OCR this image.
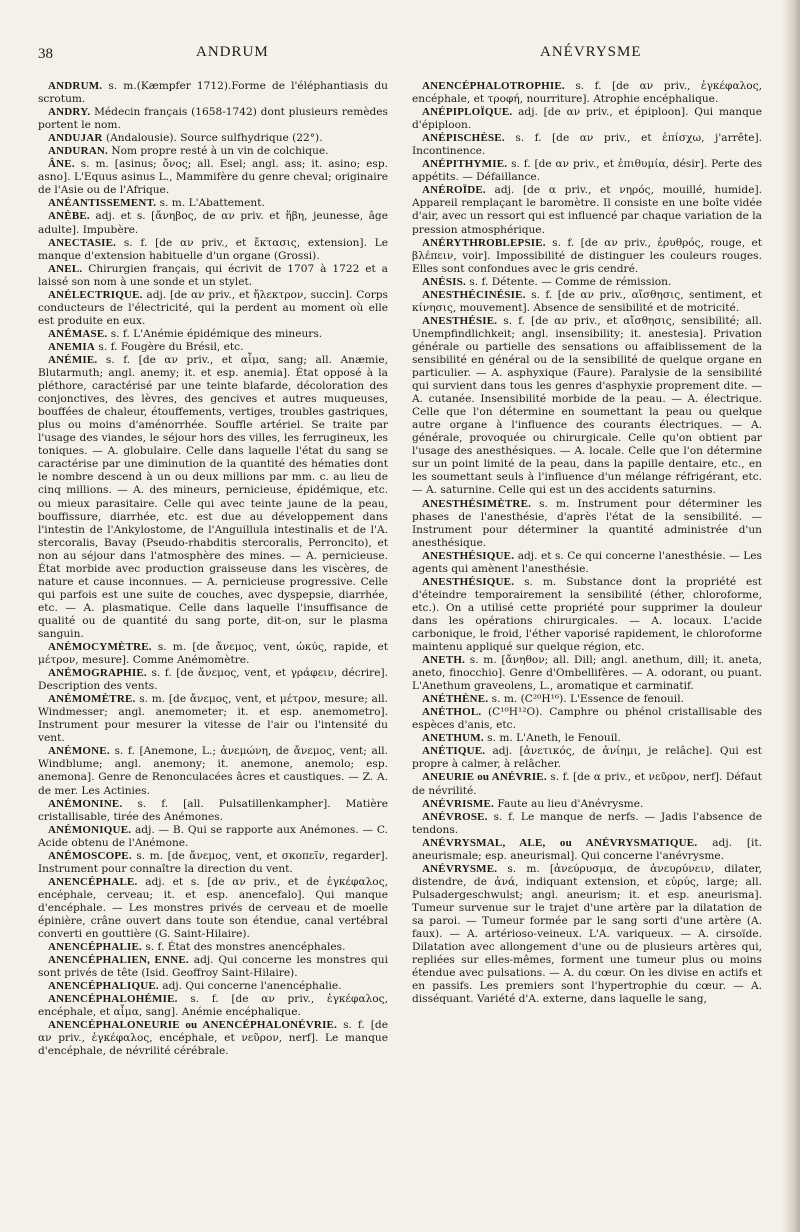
38	ANDRUM	ANÉVRYSME

ANDRUM. s. m.(Kæmpfer 1712).Forme de l'éléphantiasis du scrotum.

ANDRY. Médecin français (1658-1742) dont plusieurs remèdes portent le nom.

ANDUJAR (Andalousie). Source sulfhydrique (22°).

ANDURAN. Nom propre resté à un vin de colchique.

ÂNE. s. m. [asinus; ὄνος; all. Esel; angl. ass; it. asino; esp. asno]. L'Equus asinus L., Mammifère du genre cheval; originaire de l'Asie ou de l'Afrique.

ANÉANTISSEMENT. s. m. L'Abattement.

ANÈBE. adj. et s. [ἄνηβος, de αν priv. et ἥβη, jeunesse, âge adulte]. Impubère.

ANECTASIE. s. f. [de αν priv., et ἔκτασις, extension]. Le manque d'extension habituelle d'un organe (Grossi).

ANEL. Chirurgien français, qui écrivit de 1707 à 1722 et a laissé son nom à une sonde et un stylet.

ANÉLECTRIQUE. adj. [de αν priv., et ἤλεκτρον, succin]. Corps conducteurs de l'électricité, qui la perdent au moment où elle est produite en eux.

ANÉMASE. s. f. L'Anémie épidémique des mineurs.

ANEMIA s. f. Fougère du Brésil, etc.

ANÉMIE. s. f. [de αν priv., et αἷμα, sang; all. Anæmie, Blutarmuth; angl. anemy; it. et esp. anemia]. État opposé à la pléthore, caractérisé par une teinte blafarde, décoloration des conjonctives, des lèvres, des gencives et autres muqueuses, bouffées de chaleur, étouffements, vertiges, troubles gastriques, plus ou moins d'aménorrhée. Souffle artériel. Se traite par l'usage des viandes, le séjour hors des villes, les ferrugineux, les toniques. — A. globulaire. Celle dans laquelle l'état du sang se caractérise par une diminution de la quantité des hématies dont le nombre descend à un ou deux millions par mm. c. au lieu de cinq millions. — A. des mineurs, pernicieuse, épidémique, etc. ou mieux parasitaire. Celle qui avec teinte jaune de la peau, bouffissure, diarrhée, etc. est due au développement dans l'intestin de l'Ankylostome, de l'Anguillula intestinalis et de l'A. stercoralis, Bavay (Pseudo-rhabditis stercoralis, Perroncito), et non au séjour dans l'atmosphère des mines. — A. pernicieuse. État morbide avec production graisseuse dans les viscères, de nature et cause inconnues. — A. pernicieuse progressive. Celle qui parfois est une suite de couches, avec dyspepsie, diarrhée, etc. — A. plasmatique. Celle dans laquelle l'insuffisance de qualité ou de quantité du sang porte, dit-on, sur le plasma sanguin.

ANÉMOCYMÈTRE. s. m. [de ἄνεμος, vent, ὠκύς, rapide, et μέτρον, mesure]. Comme Anémomètre.

ANÉMOGRAPHIE. s. f. [de ἄνεμος, vent, et γράφειν, décrire]. Description des vents.

ANÉMOMÈTRE. s. m. [de ἄνεμος, vent, et μέτρον, mesure; all. Windmesser; angl. anemometer; it. et esp. anemometro]. Instrument pour mesurer la vitesse de l'air ou l'intensité du vent.

ANÉMONE. s. f. [Anemone, L.; ἀνεμώνη, de ἄνεμος, vent; all. Windblume; angl. anemony; it. anemone, anemolo; esp. anemona]. Genre de Renonculacées âcres et caustiques. — Z. A. de mer. Les Actinies.

ANÉMONINE. s. f. [all. Pulsatillenkampher]. Matière cristallisable, tirée des Anémones.

ANÉMONIQUE. adj. — B. Qui se rapporte aux Anémones. — C. Acide obtenu de l'Anémone.

ANÉMOSCOPE. s. m. [de ἄνεμος, vent, et σκοπεῖν, regarder]. Instrument pour connaître la direction du vent.

ANENCÉPHALE. adj. et s. [de αν priv., et de ἐγκέφαλος, encéphale, cerveau; it. et esp. anencefalo]. Qui manque d'encéphale. — Les monstres privés de cerveau et de moelle épinière, crâne ouvert dans toute son étendue, canal vertébral converti en gouttière (G. Saint-Hilaire).

ANENCÉPHALIE. s. f. État des monstres anencéphales.

ANENCÉPHALIEN, ENNE. adj. Qui concerne les monstres qui sont privés de tête (Isid. Geoffroy Saint-Hilaire).

ANENCÉPHALIQUE. adj. Qui concerne l'anencéphalie.

ANENCÉPHALOHÉMIE. s. f. [de αν priv., ἐγκέφαλος, encéphale, et αἷμα, sang]. Anémie encéphalique.

ANENCÉPHALONEURIE ou ANENCÉPHALONÉVRIE. s. f. [de αν priv., ἐγκέφαλος, encéphale, et νεῦρον, nerf]. Le manque d'encéphale, de névrilité cérébrale.

ANENCÉPHALOTROPHIE. s. f. [de αν priv., ἐγκέφαλος, encéphale, et τροφή, nourriture]. Atrophie encéphalique.

ANÉPIPLOÏQUE. adj. [de αν priv., et épiploon]. Qui manque d'épiploon.

ANÉPISCHÈSE. s. f. [de αν priv., et ἐπίσχω, j'arrête]. Incontinence.

ANÉPITHYMIE. s. f. [de αν priv., et ἐπιθυμία, désir]. Perte des appétits. — Défaillance.

ANÉROÏDE. adj. [de α priv., et νηρός, mouillé, humide]. Appareil remplaçant le baromètre. Il consiste en une boîte vidée d'air, avec un ressort qui est influencé par chaque variation de la pression atmosphérique.

ANÉRYTHROBLEPSIE. s. f. [de αν priv., ἐρυθρός, rouge, et βλέπειν, voir]. Impossibilité de distinguer les couleurs rouges. Elles sont confondues avec le gris cendré.

ANÉSIS. s. f. Détente. — Comme de rémission.

ANESTHÉCINÉSIE. s. f. [de αν priv., αἴσθησις, sentiment, et κίνησις, mouvement]. Absence de sensibilité et de motricité.

ANESTHÉSIE. s. f. [de αν priv., et αἴσθησις, sensibilité; all. Unempfindlichkeit; angl. insensibility; it. anestesia]. Privation générale ou partielle des sensations ou affaiblissement de la sensibilité en général ou de la sensibilité de quelque organe en particulier. — A. asphyxique (Faure). Paralysie de la sensibilité qui survient dans tous les genres d'asphyxie proprement dite. — A. cutanée. Insensibilité morbide de la peau. — A. électrique. Celle que l'on détermine en soumettant la peau ou quelque autre organe à l'influence des courants électriques. — A. générale, provoquée ou chirurgicale. Celle qu'on obtient par l'usage des anesthésiques. — A. locale. Celle que l'on détermine sur un point limité de la peau, dans la papille dentaire, etc., en les soumettant seuls à l'influence d'un mélange réfrigérant, etc. — A. saturnine. Celle qui est un des accidents saturnins.

ANESTHÉSIMÈTRE. s. m. Instrument pour déterminer les phases de l'anesthésie, d'après l'état de la sensibilité. — Instrument pour déterminer la quantité administrée d'un anesthésique.

ANESTHÉSIQUE. adj. et s. Ce qui concerne l'anesthésie. — Les agents qui amènent l'anesthésie.

ANESTHÉSIQUE. s. m. Substance dont la propriété est d'éteindre temporairement la sensibilité (éther, chloroforme, etc.). On a utilisé cette propriété pour supprimer la douleur dans les opérations chirurgicales. — A. locaux. L'acide carbonique, le froid, l'éther vaporisé rapidement, le chloroforme maintenu appliqué sur quelque région, etc.

ANETH. s. m. [ἄνηθον; all. Dill; angl. anethum, dill; it. aneta, aneto, finocchio]. Genre d'Ombellifères. — A. odorant, ou puant. L'Anethum graveolens, L., aromatique et carminatif.

ANÉTHÈNE. s. m. (C²⁰H¹⁶). L'Essence de fenouil.

ANÉTHOL. (C¹⁰H¹²O). Camphre ou phénol cristallisable des espèces d'anis, etc.

ANETHUM. s. m. L'Aneth, le Fenouil.

ANÉTIQUE. adj. [ἀνετικός, de ἀνίημι, je relâche]. Qui est propre à calmer, à relâcher.

ANEURIE ou ANÉVRIE. s. f. [de α priv., et νεῦρον, nerf]. Défaut de névrilité.

ANÉVRISME. Faute au lieu d'Anévrysme.

ANÉVROSE. s. f. Le manque de nerfs. — Jadis l'absence de tendons.

ANÉVRYSMAL, ALE, ou ANÉVRYSMATIQUE. adj. [it. aneurismale; esp. aneurismal]. Qui concerne l'anévrysme.

ANÉVRYSME. s. m. [ἀνεύρυσμα, de ἀνευρύνειν, dilater, distendre, de ἀνά, indiquant extension, et εὐρύς, large; all. Pulsadergeschwulst; angl. aneurism; it. et esp. aneurisma]. Tumeur survenue sur le trajet d'une artère par la dilatation de sa paroi. — Tumeur formée par le sang sorti d'une artère (A. faux). — A. artérioso-veineux. L'A. variqueux. — A. cirsoïde. Dilatation avec allongement d'une ou de plusieurs artères qui, repliées sur elles-mêmes, forment une tumeur plus ou moins étendue avec pulsations. — A. du cœur. On les divise en actifs et en passifs. Les premiers sont l'hypertrophie du cœur. — A. disséquant. Variété d'A. externe, dans laquelle le sang,
